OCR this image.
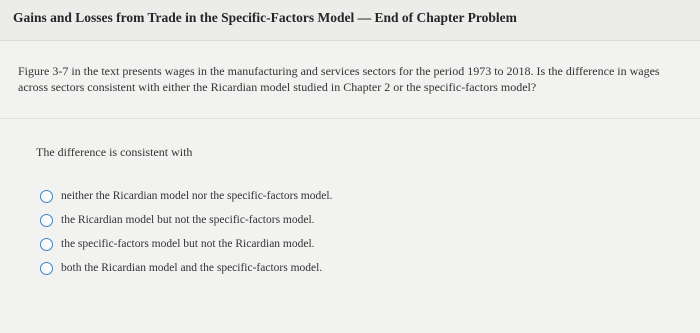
Gains and Losses from Trade in the Specific-Factors Model — End of Chapter Problem
Figure 3-7 in the text presents wages in the manufacturing and services sectors for the period 1973 to 2018. Is the difference in wages across sectors consistent with either the Ricardian model studied in Chapter 2 or the specific-factors model?
The difference is consistent with
neither the Ricardian model nor the specific-factors model.
the Ricardian model but not the specific-factors model.
the specific-factors model but not the Ricardian model.
both the Ricardian model and the specific-factors model.
